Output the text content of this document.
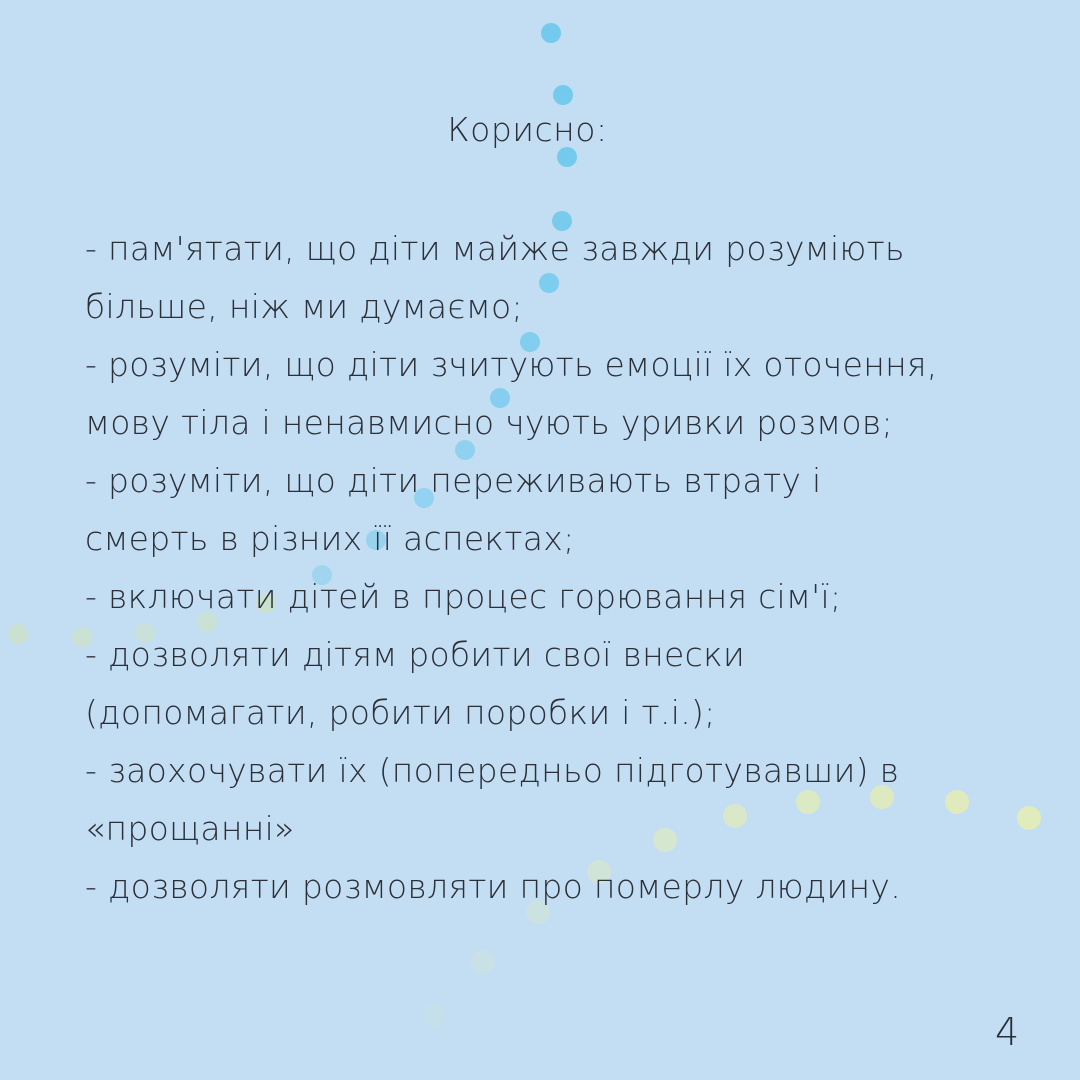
Корисно:
- пам'ятати, що діти майже завжди розуміють
більше, ніж ми думаємо;
- розуміти, що діти зчитують емоції їх оточення,
мову тіла і ненавмисно чують уривки розмов;
- розуміти, що діти переживають втрату і
смерть в різних її аспектах;
- включати дітей в процес горювання сім'ї;
- дозволяти дітям робити свої внески
(допомагати, робити поробки і т.і.);
- заохочувати їх (попередньо підготувавши) в
«прощанні»
- дозволяти розмовляти про померлу людину.
4
